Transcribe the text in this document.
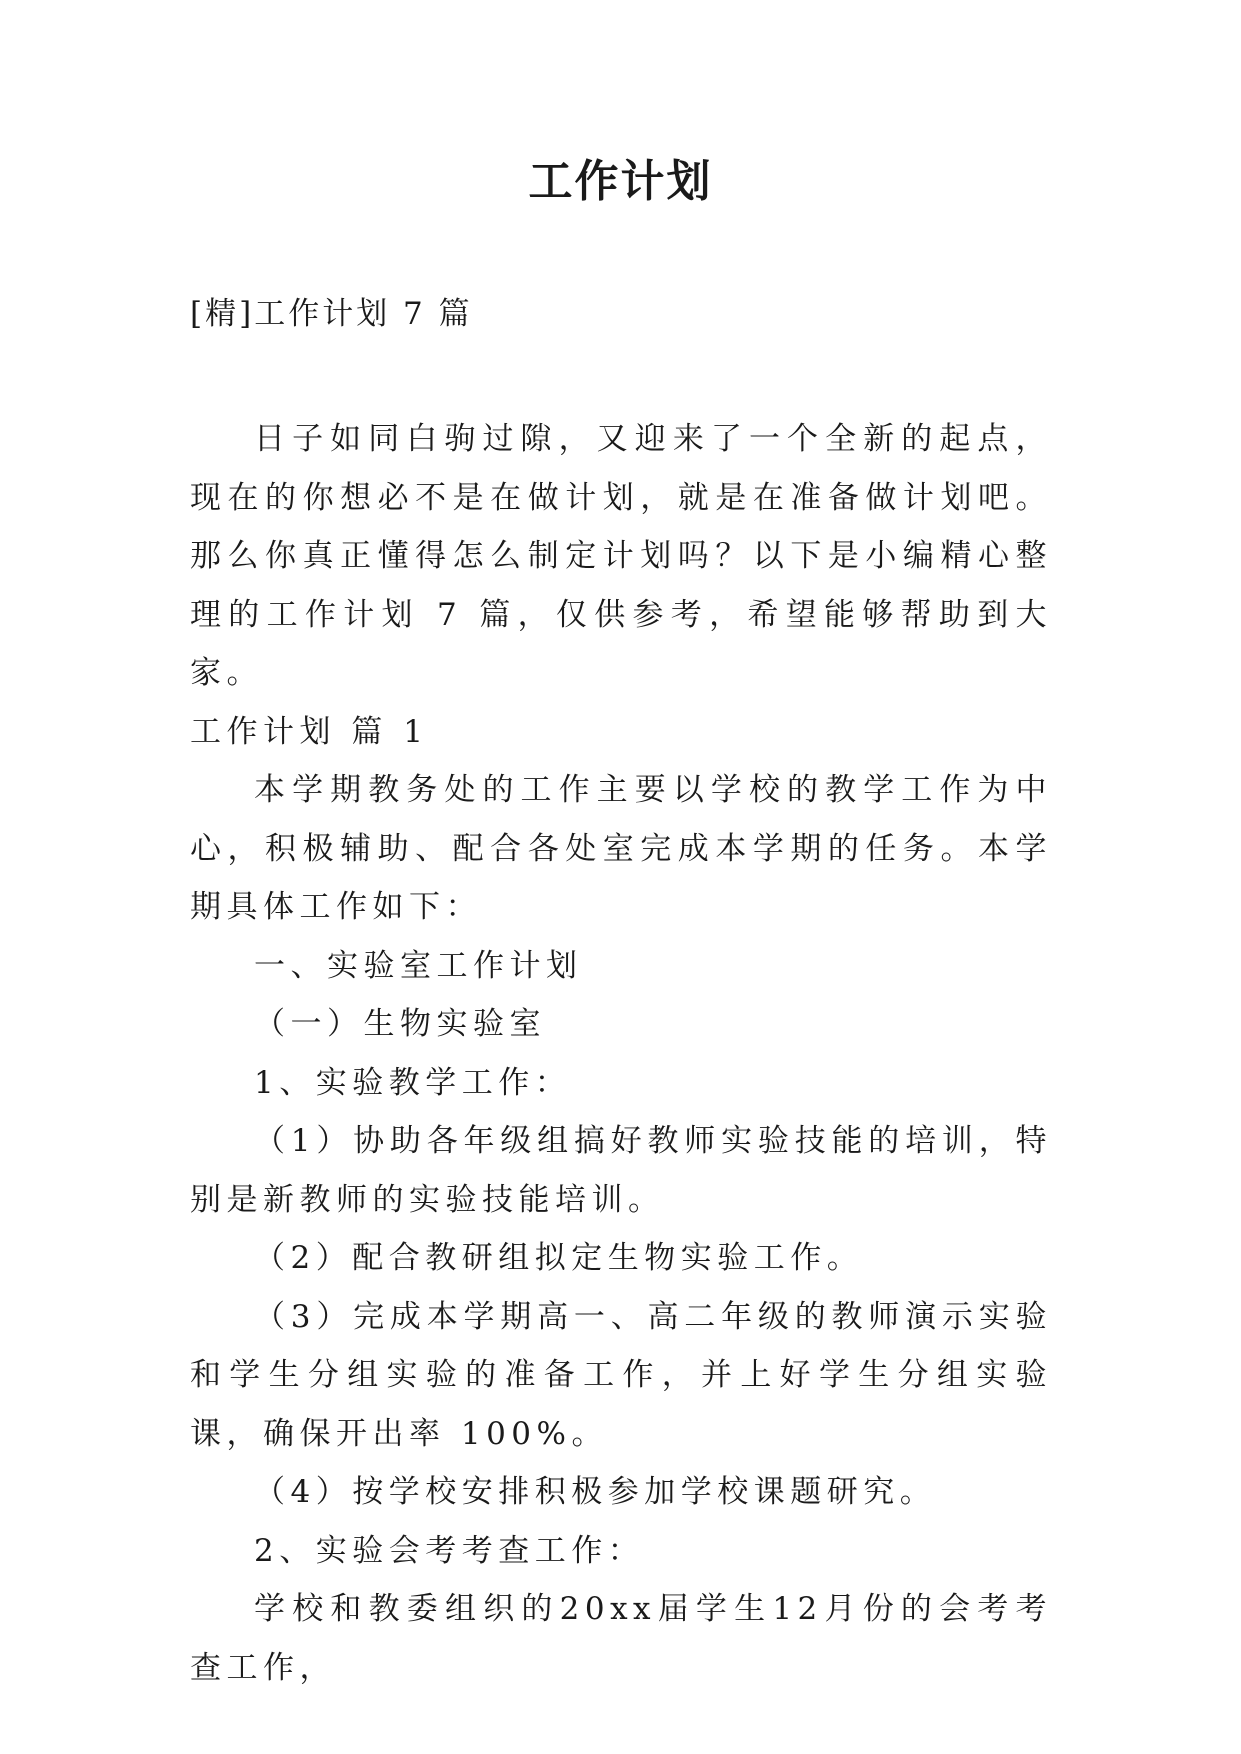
工作计划
[精]工作计划 7 篇

日子如同白驹过隙，又迎来了一个全新的起点，现在的你想必不是在做计划，就是在准备做计划吧。那么你真正懂得怎么制定计划吗？以下是小编精心整理的工作计划 7 篇，仅供参考，希望能够帮助到大家。

工作计划 篇 1

本学期教务处的工作主要以学校的教学工作为中心，积极辅助、配合各处室完成本学期的任务。本学期具体工作如下：

一、实验室工作计划

（一）生物实验室

1、实验教学工作：

（1）协助各年级组搞好教师实验技能的培训，特别是新教师的实验技能培训。

（2）配合教研组拟定生物实验工作。

（3）完成本学期高一、高二年级的教师演示实验和学生分组实验的准备工作，并上好学生分组实验课，确保开出率 100%。

（4）按学校安排积极参加学校课题研究。

2、实验会考考查工作：

学校和教委组织的20xx届学生12月份的会考考查工作，
